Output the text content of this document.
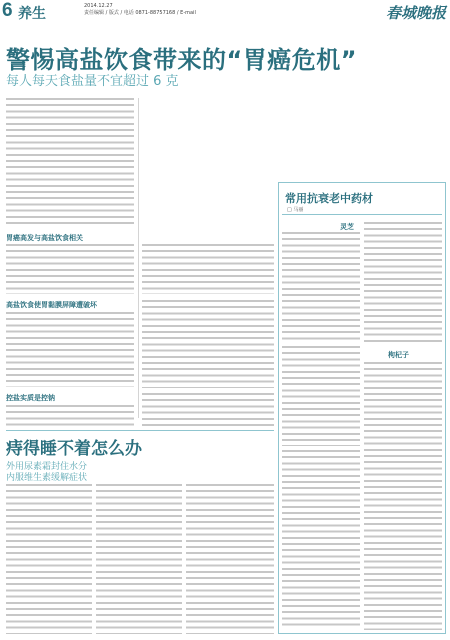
6 养生	2014.12.27
责任编辑 / 版式 / 电话 0871-88757168 / E-mail	春城晚报
警惕高盐饮食带来的“胃癌危机”
每人每天食盐量不宜超过 6 克
胃癌高发与高盐饮食相关
高盐饮食使胃黏膜屏障遭破坏
控盐实质是控钠
常用抗衰老中药材
□ 马丽
灵芝
枸杞子
痔得睡不着怎么办
外用尿素霜封住水分
内服维生素缓解症状
